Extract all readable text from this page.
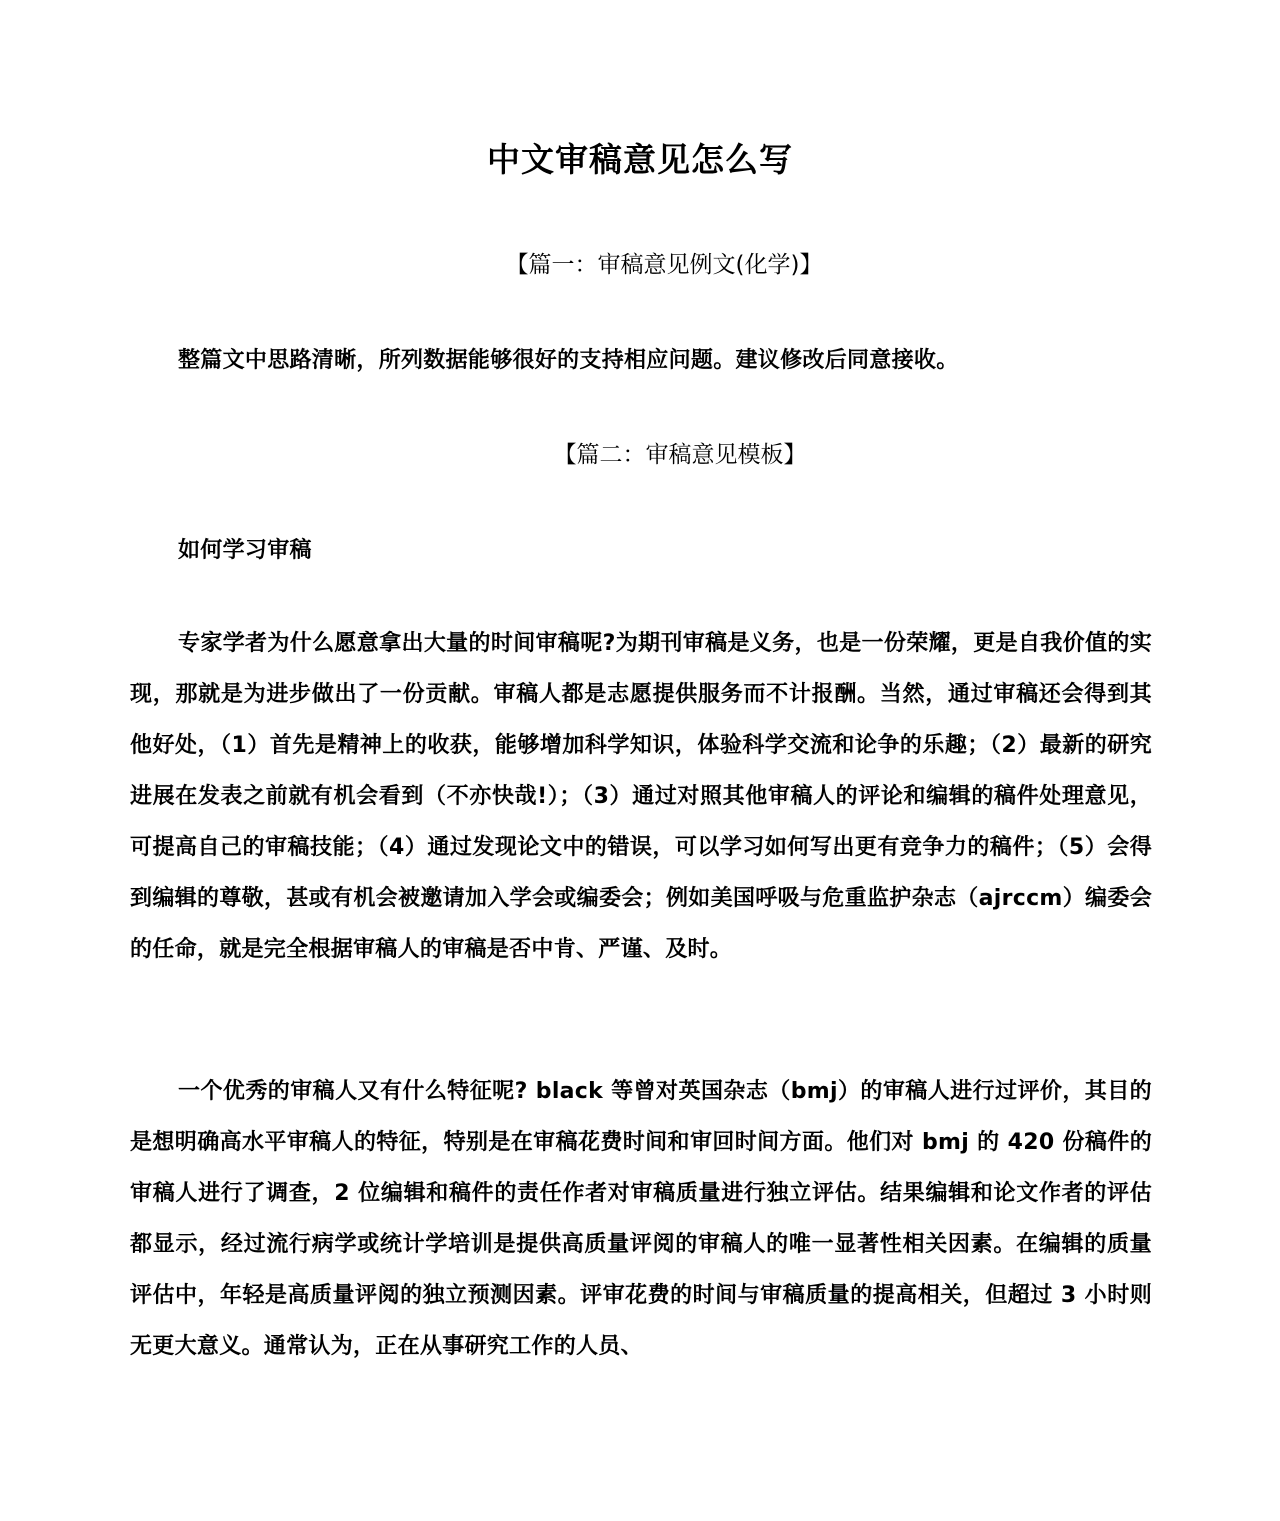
中文审稿意见怎么写
【篇一：审稿意见例文(化学)】
整篇文中思路清晰，所列数据能够很好的支持相应问题。建议修改后同意接收。
【篇二：审稿意见模板】
如何学习审稿
专家学者为什么愿意拿出大量的时间审稿呢?为期刊审稿是义务，也是一份荣耀，更是自我价值的实现，那就是为进步做出了一份贡献。审稿人都是志愿提供服务而不计报酬。当然，通过审稿还会得到其他好处，（1）首先是精神上的收获，能够增加科学知识，体验科学交流和论争的乐趣；（2）最新的研究进展在发表之前就有机会看到（不亦快哉!）；（3）通过对照其他审稿人的评论和编辑的稿件处理意见，可提高自己的审稿技能；（4）通过发现论文中的错误，可以学习如何写出更有竞争力的稿件；（5）会得到编辑的尊敬，甚或有机会被邀请加入学会或编委会；例如美国呼吸与危重监护杂志（ajrccm）编委会的任命，就是完全根据审稿人的审稿是否中肯、严谨、及时。
一个优秀的审稿人又有什么特征呢? black 等曾对英国杂志（bmj）的审稿人进行过评价，其目的是想明确高水平审稿人的特征，特别是在审稿花费时间和审回时间方面。他们对 bmj 的 420 份稿件的审稿人进行了调查，2 位编辑和稿件的责任作者对审稿质量进行独立评估。结果编辑和论文作者的评估都显示，经过流行病学或统计学培训是提供高质量评阅的审稿人的唯一显著性相关因素。在编辑的质量评估中，年轻是高质量评阅的独立预测因素。评审花费的时间与审稿质量的提高相关，但超过 3 小时则无更大意义。通常认为，正在从事研究工作的人员、
